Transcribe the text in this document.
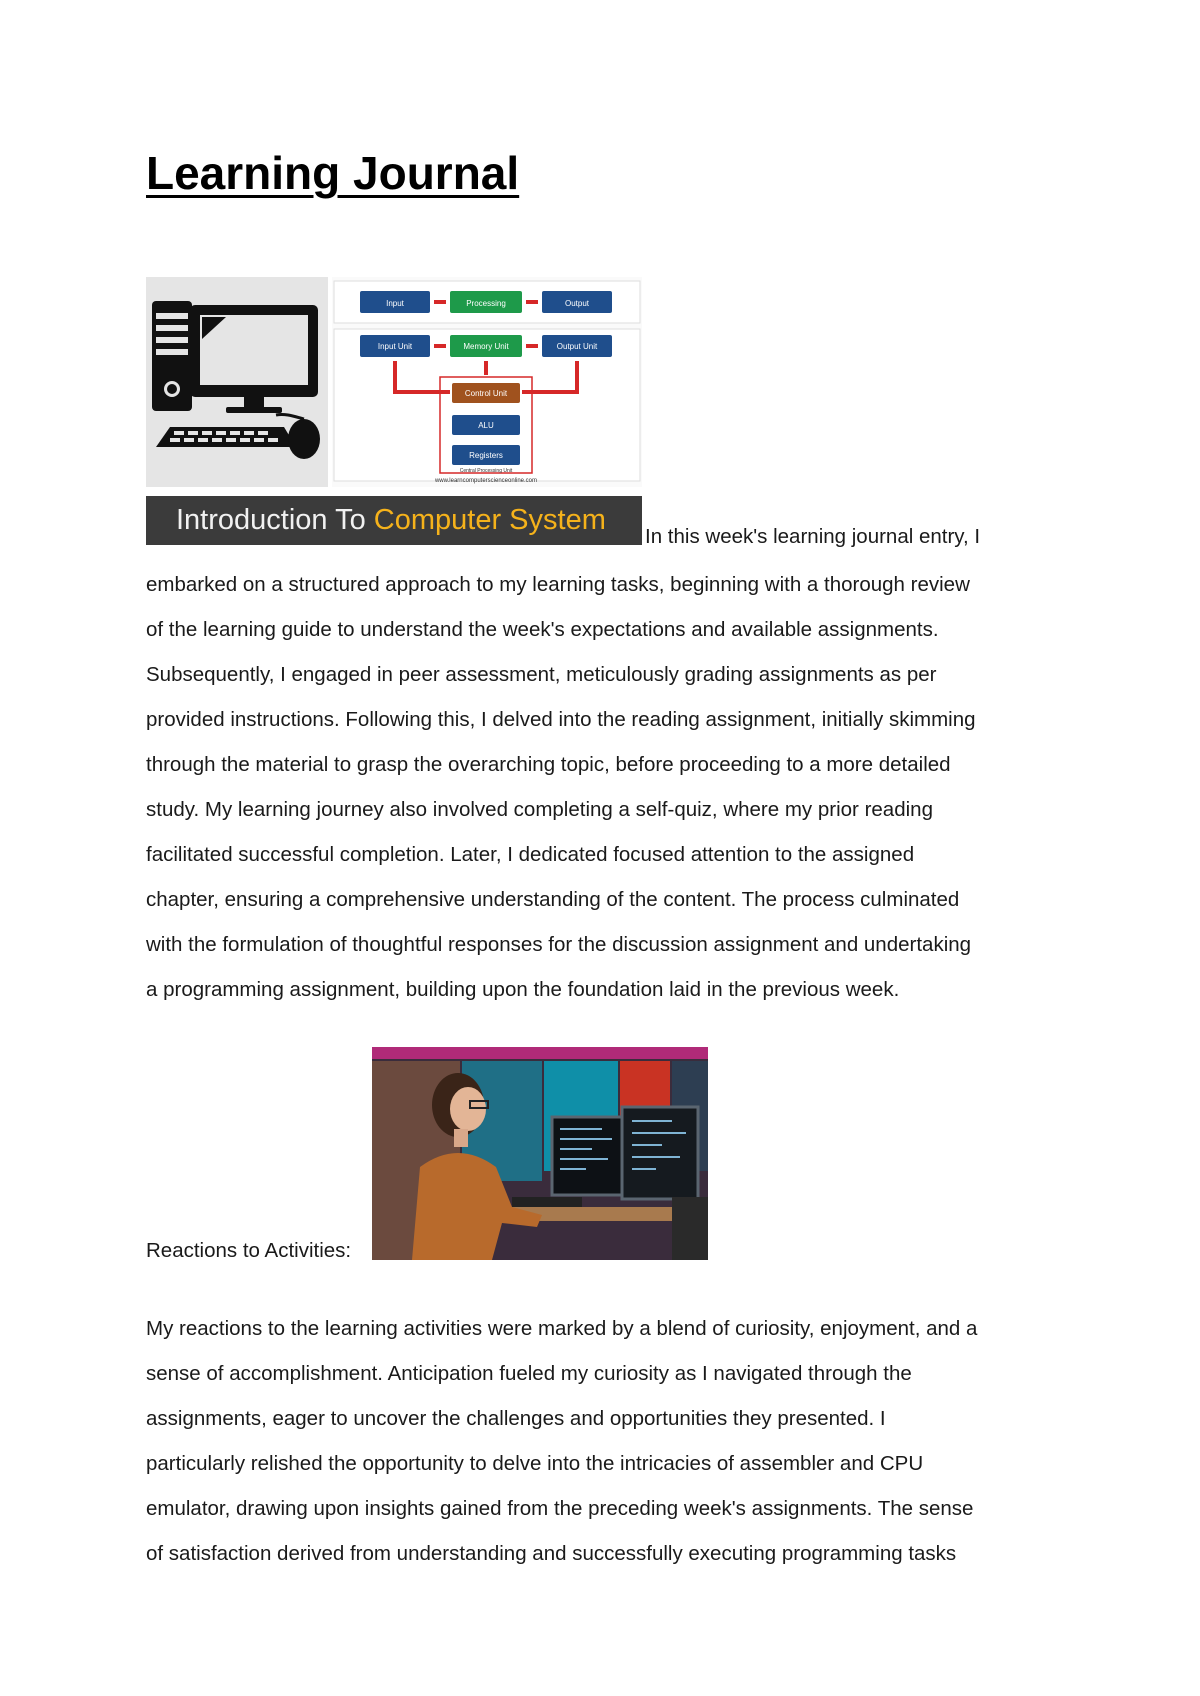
Learning Journal
Input	Processing	Output
Input Unit	Memory Unit	Output Unit
Control Unit
ALU
Registers
Central Processing Unit
www.learncomputerscienceonline.com
Introduction To Computer System
In this week's learning journal entry, I

embarked on a structured approach to my learning tasks, beginning with a thorough review
of the learning guide to understand the week's expectations and available assignments.
Subsequently, I engaged in peer assessment, meticulously grading assignments as per
provided instructions. Following this, I delved into the reading assignment, initially skimming
through the material to grasp the overarching topic, before proceeding to a more detailed
study. My learning journey also involved completing a self-quiz, where my prior reading
facilitated successful completion. Later, I dedicated focused attention to the assigned
chapter, ensuring a comprehensive understanding of the content. The process culminated
with the formulation of thoughtful responses for the discussion assignment and undertaking
a programming assignment, building upon the foundation laid in the previous week.

Reactions to Activities:

My reactions to the learning activities were marked by a blend of curiosity, enjoyment, and a
sense of accomplishment. Anticipation fueled my curiosity as I navigated through the
assignments, eager to uncover the challenges and opportunities they presented. I
particularly relished the opportunity to delve into the intricacies of assembler and CPU
emulator, drawing upon insights gained from the preceding week's assignments. The sense
of satisfaction derived from understanding and successfully executing programming tasks
